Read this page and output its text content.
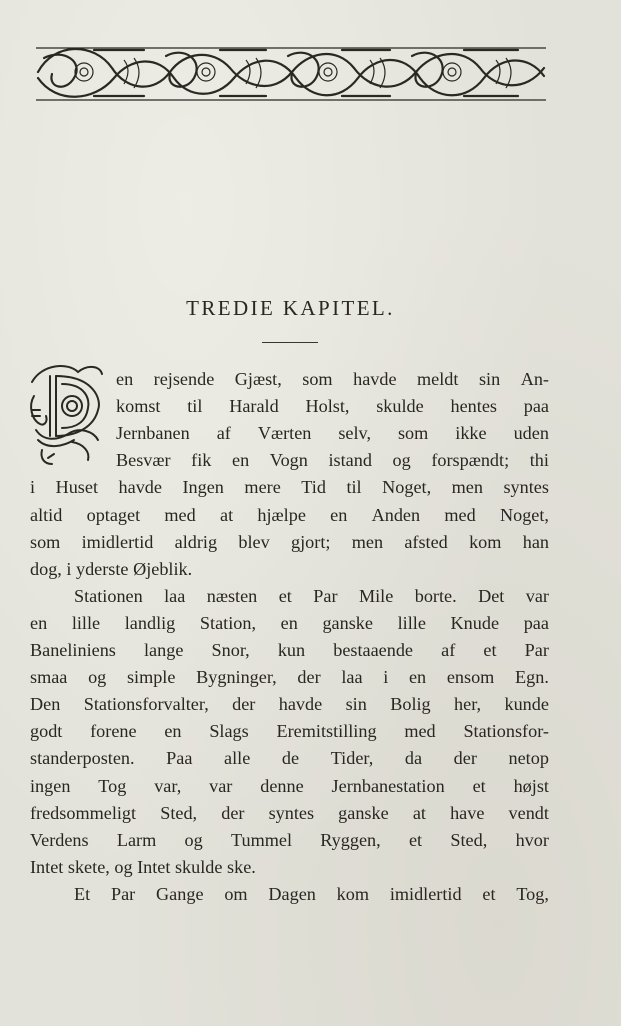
TREDIE KAPITEL.
en rejsende Gjæst, som havde meldt sin An-
komst til Harald Holst, skulde hentes paa
Jernbanen af Værten selv, som ikke uden
Besvær fik en Vogn istand og forspændt; thi
i Huset havde Ingen mere Tid til Noget, men syntes
altid optaget med at hjælpe en Anden med Noget,
som imidlertid aldrig blev gjort; men afsted kom han
dog,
i
yderste
Øjeblik.
Stationen laa næsten et Par Mile borte. Det var
en lille landlig Station, en ganske lille Knude paa
Baneliniens lange Snor, kun bestaaende af et Par
smaa og simple Bygninger, der laa i en ensom Egn.
Den Stationsforvalter, der havde sin Bolig her, kunde
godt forene en Slags Eremitstilling med Stationsfor-
standerposten. Paa alle de Tider, da der netop
ingen Tog var, var denne Jernbanestation et højst
fredsommeligt Sted, der syntes ganske at have vendt
Verdens Larm og Tummel Ryggen, et Sted, hvor
Intet
skete,
og
Intet
skulde
ske.
Et Par Gange om Dagen kom imidlertid et Tog,
